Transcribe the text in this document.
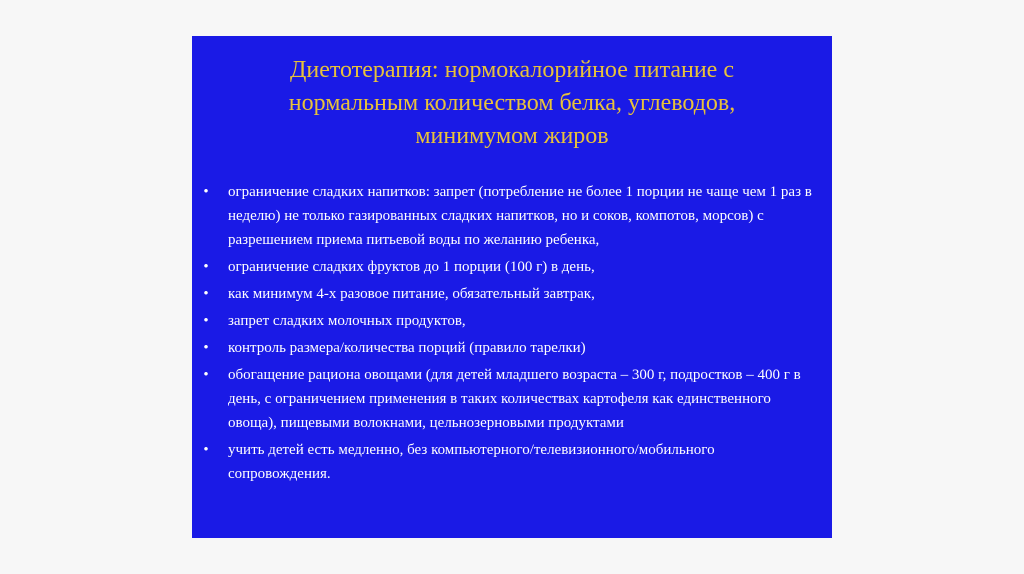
Диетотерапия: нормокалорийное питание с
нормальным количеством белка, углеводов,
минимумом жиров
• ограничение сладких напитков: запрет (потребление не более 1 порции не чаще чем 1 раз в неделю) не только газированных сладких напитков, но и соков, компотов, морсов) с разрешением приема питьевой воды по желанию ребенка,
• ограничение сладких фруктов до 1 порции (100 г) в день,
• как минимум 4-х разовое питание, обязательный завтрак,
• запрет сладких молочных продуктов,
• контроль размера/количества порций (правило тарелки)
• обогащение рациона овощами (для детей младшего возраста – 300 г, подростков – 400 г в день, с ограничением применения в таких количествах картофеля как единственного овоща), пищевыми волокнами, цельнозерновыми продуктами
• учить детей есть медленно, без компьютерного/телевизионного/мобильного сопровождения.
